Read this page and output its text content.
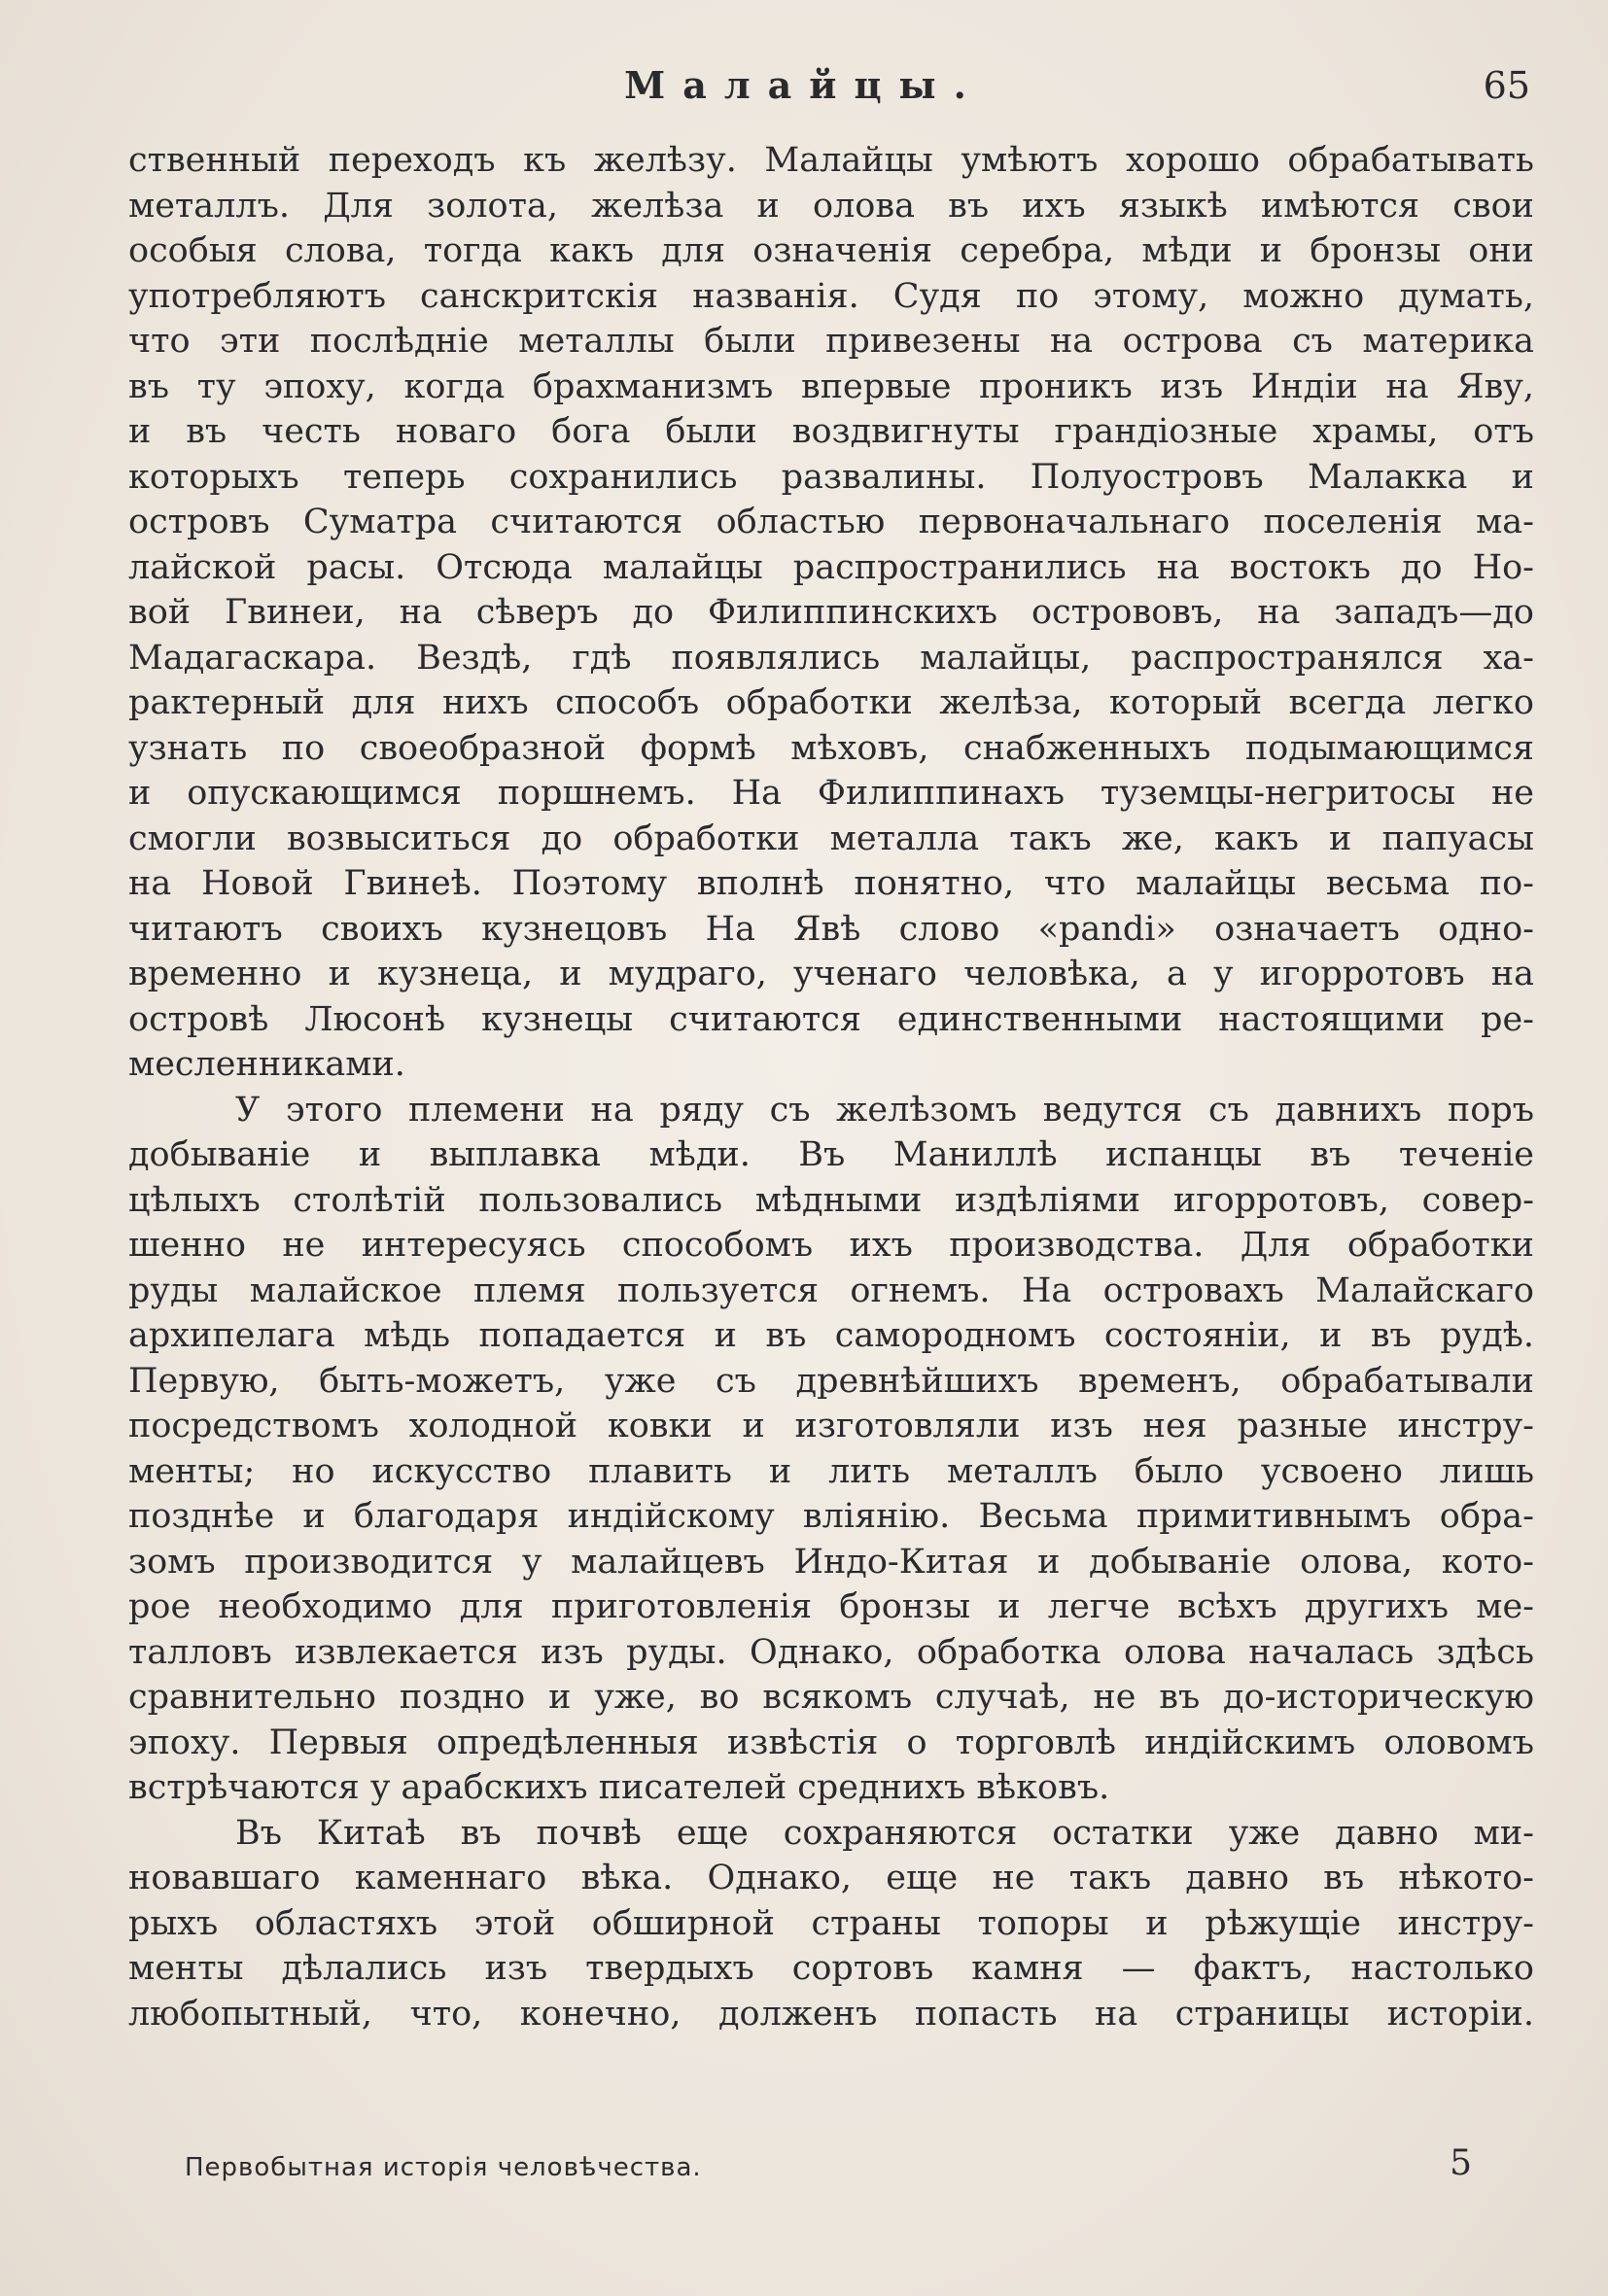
Малайцы.	65
ственный переходъ къ желѣзу. Малайцы умѣютъ хорошо обрабатывать
металлъ. Для золота, желѣза и олова въ ихъ языкѣ имѣются свои
особыя слова, тогда какъ для означенія серебра, мѣди и бронзы они
употребляютъ санскритскія названія. Судя по этому, можно думать,
что эти послѣдніе металлы были привезены на острова съ материка
въ ту эпоху, когда брахманизмъ впервые проникъ изъ Индіи на Яву,
и въ честь новаго бога были воздвигнуты грандіозные храмы, отъ
которыхъ теперь сохранились развалины. Полуостровъ Малакка и
островъ Суматра считаются областью первоначальнаго поселенія ма-
лайской расы. Отсюда малайцы распространились на востокъ до Но-
вой Гвинеи, на сѣверъ до Филиппинскихъ острововъ, на западъ—до
Мадагаскара. Вездѣ, гдѣ появлялись малайцы, распространялся ха-
рактерный для нихъ способъ обработки желѣза, который всегда легко
узнать по своеобразной формѣ мѣховъ, снабженныхъ подымающимся
и опускающимся поршнемъ. На Филиппинахъ туземцы-негритосы не
смогли возвыситься до обработки металла такъ же, какъ и папуасы
на Новой Гвинеѣ. Поэтому вполнѣ понятно, что малайцы весьма по-
читаютъ своихъ кузнецовъ На Явѣ слово «pandi» означаетъ одно-
временно и кузнеца, и мудраго, ученаго человѣка, а у игорротовъ на
островѣ Люсонѣ кузнецы считаются единственными настоящими ре-
месленниками.
У этого племени на ряду съ желѣзомъ ведутся съ давнихъ поръ
добываніе и выплавка мѣди. Въ Маниллѣ испанцы въ теченіе
цѣлыхъ столѣтій пользовались мѣдными издѣліями игорротовъ, совер-
шенно не интересуясь способомъ ихъ производства. Для обработки
руды малайское племя пользуется огнемъ. На островахъ Малайскаго
архипелага мѣдь попадается и въ самородномъ состояніи, и въ рудѣ.
Первую, быть-можетъ, уже съ древнѣйшихъ временъ, обрабатывали
посредствомъ холодной ковки и изготовляли изъ нея разные инстру-
менты; но искусство плавить и лить металлъ было усвоено лишь
позднѣе и благодаря индійскому вліянію. Весьма примитивнымъ обра-
зомъ производится у малайцевъ Индо-Китая и добываніе олова, кото-
рое необходимо для приготовленія бронзы и легче всѣхъ другихъ ме-
талловъ извлекается изъ руды. Однако, обработка олова началась здѣсь
сравнительно поздно и уже, во всякомъ случаѣ, не въ до-историческую
эпоху. Первыя опредѣленныя извѣстія о торговлѣ индійскимъ оловомъ
встрѣчаются у арабскихъ писателей среднихъ вѣковъ.
Въ Китаѣ въ почвѣ еще сохраняются остатки уже давно ми-
новавшаго каменнаго вѣка. Однако, еще не такъ давно въ нѣкото-
рыхъ областяхъ этой обширной страны топоры и рѣжущіе инстру-
менты дѣлались изъ твердыхъ сортовъ камня — фактъ, настолько
любопытный, что, конечно, долженъ попасть на страницы исторіи.
Первобытная исторія человѣчества.	5
